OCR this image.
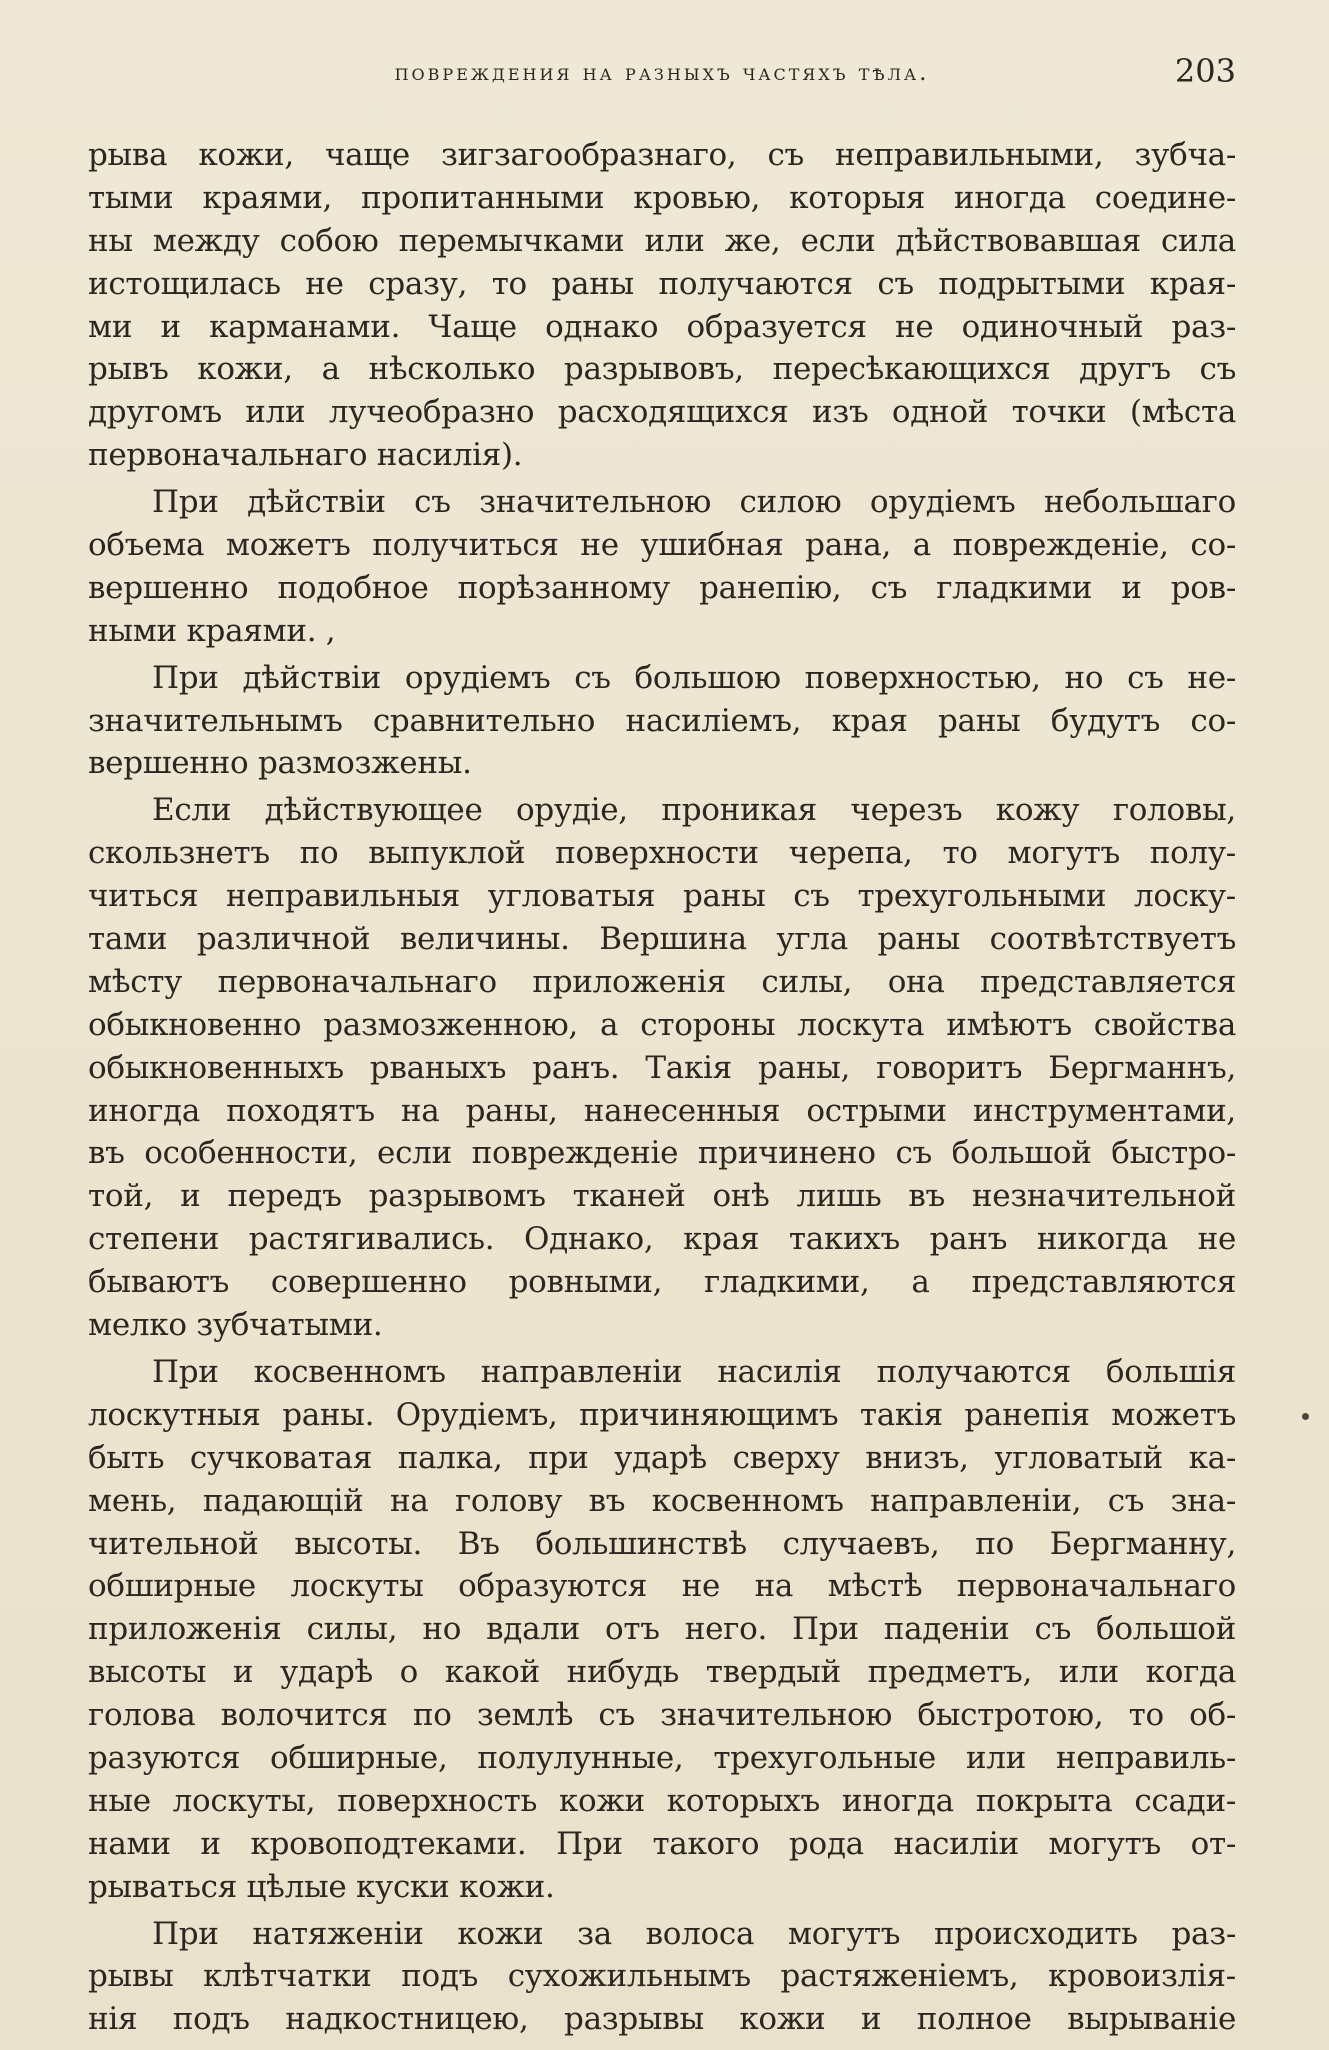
повреждения на разныхъ частяхъ тѣла.	203
рыва кожи, чаще зигзагообразнаго, съ неправильными, зубча-
тыми краями, пропитанными кровью, которыя иногда соедине-
ны между собою перемычками или же, если дѣйствовавшая сила
истощилась не сразу, то раны получаются съ подрытыми края-
ми и карманами. Чаще однако образуется не одиночный раз-
рывъ кожи, а нѣсколько разрывовъ, пересѣкающихся другъ съ
другомъ или лучеобразно расходящихся изъ одной точки (мѣста
первоначальнаго насилія).
При дѣйствіи съ значительною силою орудіемъ небольшаго
объема можетъ получиться не ушибная рана, а поврежденіе, со-
вершенно подобное порѣзанному ранепію, съ гладкими и ров-
ными краями. ,
При дѣйствіи орудіемъ съ большою поверхностью, но съ не-
значительнымъ сравнительно насиліемъ, края раны будутъ со-
вершенно размозжены.
Если дѣйствующее орудіе, проникая черезъ кожу головы,
скользнетъ по выпуклой поверхности черепа, то могутъ полу-
читься неправильныя угловатыя раны съ трехугольными лоску-
тами различной величины. Вершина угла раны соотвѣтствуетъ
мѣсту первоначальнаго приложенія силы, она представляется
обыкновенно размозженною, а стороны лоскута имѣютъ свойства
обыкновенныхъ рваныхъ ранъ. Такія раны, говоритъ Бергманнъ,
иногда походятъ на раны, нанесенныя острыми инструментами,
въ особенности, если поврежденіе причинено съ большой быстро-
той, и передъ разрывомъ тканей онѣ лишь въ незначительной
степени растягивались. Однако, края такихъ ранъ никогда не
бываютъ совершенно ровными, гладкими, а представляются
мелко зубчатыми.
При косвенномъ направленіи насилія получаются большія
лоскутныя раны. Орудіемъ, причиняющимъ такія ранепія можетъ
быть сучковатая палка, при ударѣ сверху внизъ, угловатый ка-
мень, падающій на голову въ косвенномъ направленіи, съ зна-
чительной высоты. Въ большинствѣ случаевъ, по Бергманну,
обширные лоскуты образуются не на мѣстѣ первоначальнаго
приложенія силы, но вдали отъ него. При паденіи съ большой
высоты и ударѣ о какой нибудь твердый предметъ, или когда
голова волочится по землѣ съ значительною быстротою, то об-
разуются обширные, полулунные, трехугольные или неправиль-
ные лоскуты, поверхность кожи которыхъ иногда покрыта ссади-
нами и кровоподтеками. При такого рода насиліи могутъ от-
рываться цѣлые куски кожи.
При натяженіи кожи за волоса могутъ происходить раз-
рывы клѣтчатки подъ сухожильнымъ растяженіемъ, кровоизлія-
нія подъ надкостницею, разрывы кожи и полное вырываніе
